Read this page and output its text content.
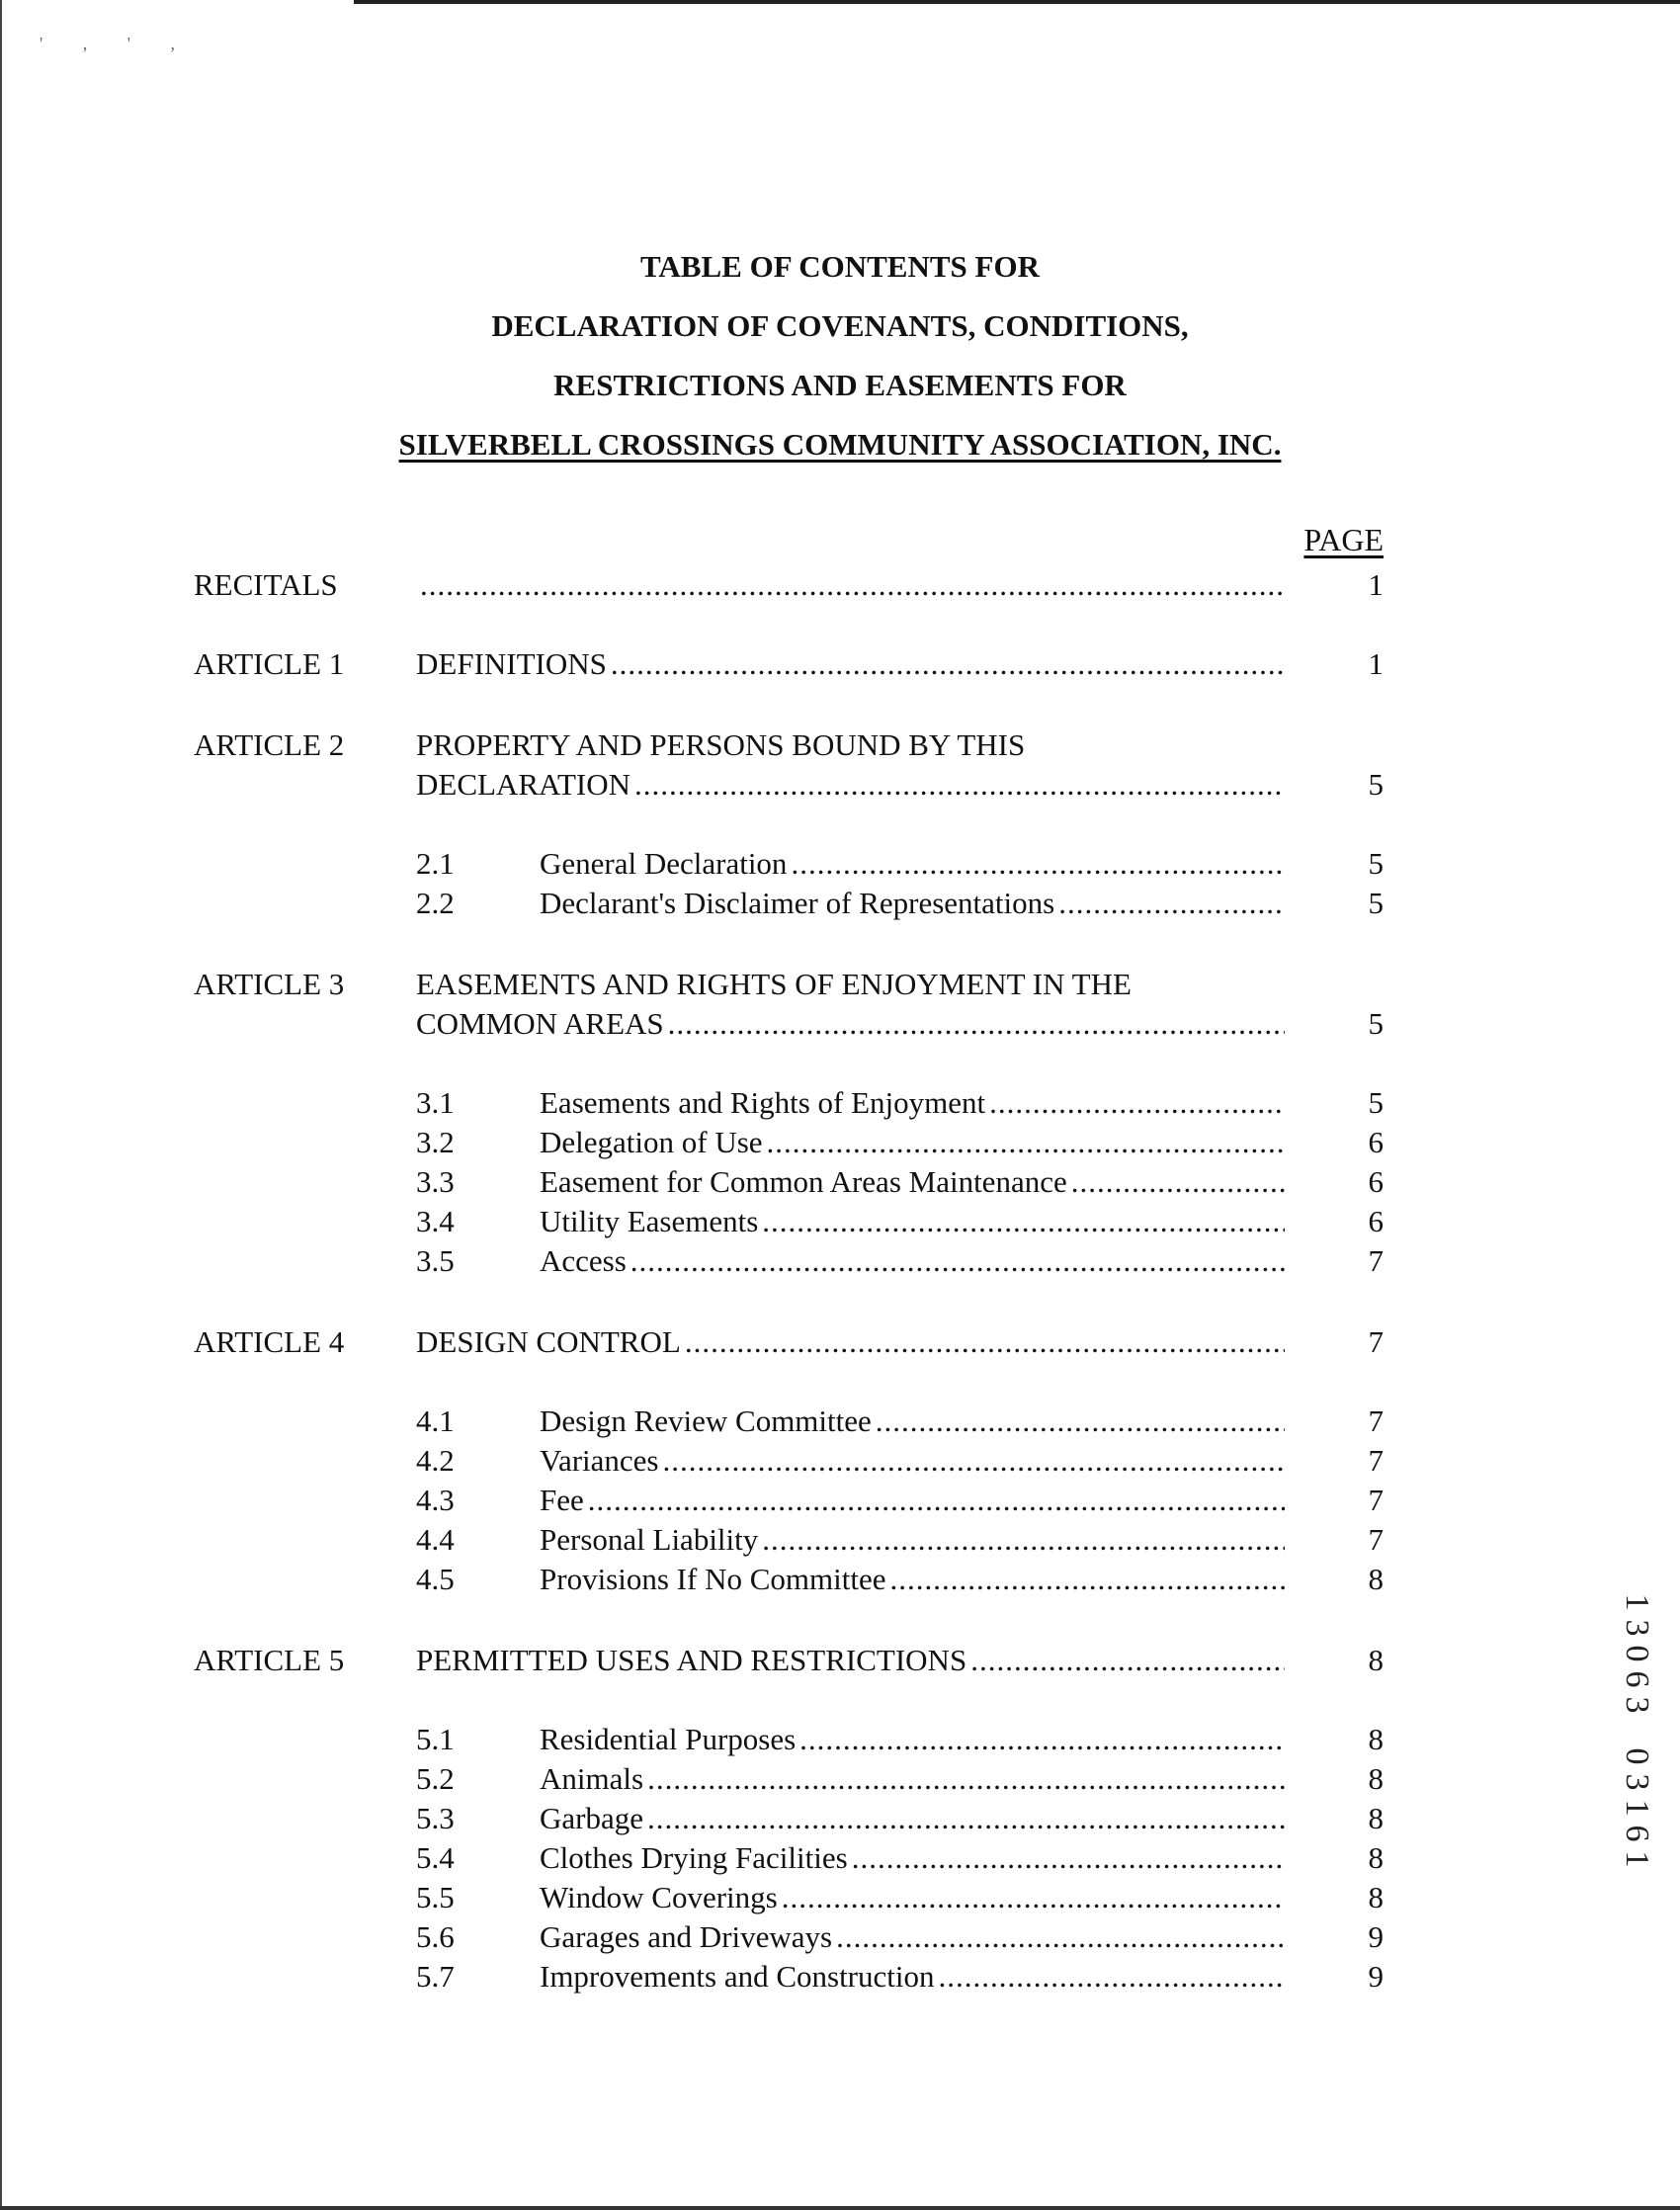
' , ' ,
TABLE OF CONTENTS FOR
DECLARATION OF COVENANTS, CONDITIONS,
RESTRICTIONS AND EASEMENTS FOR
SILVERBELL CROSSINGS COMMUNITY ASSOCIATION, INC.
PAGE
RECITALS .....	1
ARTICLE 1 DEFINITIONS .....	1
ARTICLE 2 PROPERTY AND PERSONS BOUND BY THIS
DECLARATION .....	5
2.1	General Declaration .....	5
2.2	Declarant's Disclaimer of Representations .....	5
ARTICLE 3 EASEMENTS AND RIGHTS OF ENJOYMENT IN THE
COMMON AREAS .....	5
3.1	Easements and Rights of Enjoyment .....	5
3.2	Delegation of Use .....	6
3.3	Easement for Common Areas Maintenance .....	6
3.4	Utility Easements .....	6
3.5	Access .....	7
ARTICLE 4 DESIGN CONTROL .....	7
4.1	Design Review Committee .....	7
4.2	Variances .....	7
4.3	Fee .....	7
4.4	Personal Liability .....	7
4.5	Provisions If No Committee .....	8
ARTICLE 5 PERMITTED USES AND RESTRICTIONS .....	8
5.1	Residential Purposes .....	8
5.2	Animals .....	8
5.3	Garbage .....	8
5.4	Clothes Drying Facilities .....	8
5.5	Window Coverings .....	8
5.6	Garages and Driveways .....	9
5.7	Improvements and Construction .....	9
1
3
0
6
3

0
3
1
6
1
